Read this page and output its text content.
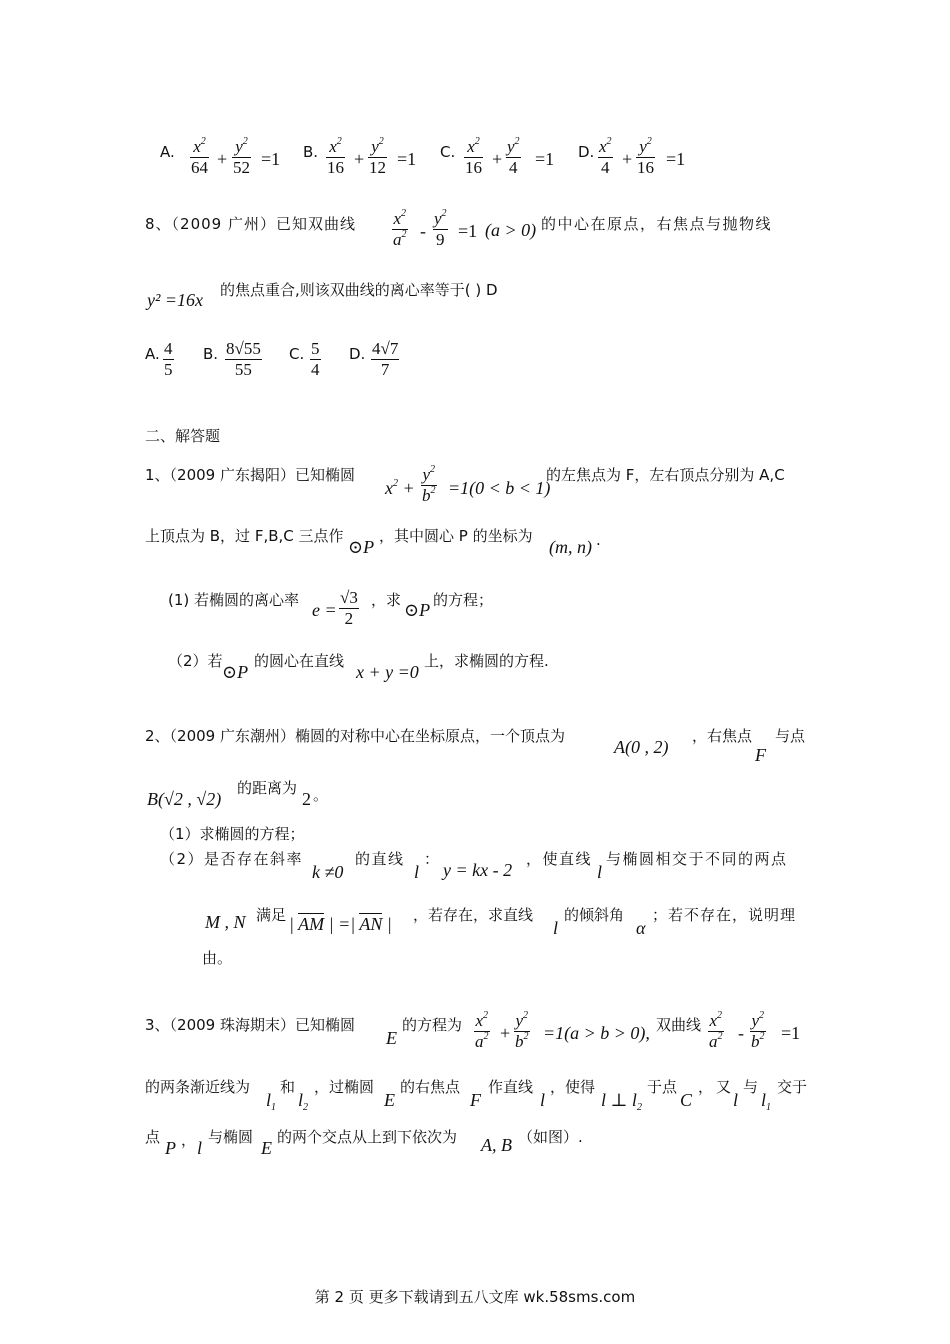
A. $\frac{x^2}{64} + \frac{y^2}{52} =1$ B. $\frac{x^2}{16} + \frac{y^2}{12} =1$ C. $\frac{x^2}{16} + \frac{y^2}{4} =1$ D. $\frac{x^2}{4} + \frac{y^2}{16} =1$
8、（2009 广州）已知双曲线 $\frac{x^2}{a^2} - \frac{y^2}{9} =1$ (a > 0) 的中心在原点，右焦点与抛物线
y² =16x 的焦点重合,则该双曲线的离心率等于( ) D
A. $\frac{4}{5} B$. $\frac{8√55}{55} C$. $\frac{5}{4} D$. $\frac{4√7}{7}$
二、解答题
1、（2009 广东揭阳）已知椭圆
$x^2 + \frac{y^2}{b^2} =1(0 < b < 1)$
的左焦点为 F，左右顶点分别为 A,C
上顶点为 B，过 F,B,C 三点作
⊙P
，其中圆心 P 的坐标为
(m, n) .
(1) 若椭圆的离心率 $e = \frac{√3}{2}$ ，求 ⊙P 的方程；
（2）若
⊙P
的圆心在直线
x + y =0
上，求椭圆的方程.
2、（2009 广东潮州）椭圆的对称中心在坐标原点，一个顶点为
A(0 , 2)
，右焦点
F
与点
B(√2 , √2)
的距离为
2 。
（1）求椭圆的方程；
（2）是否存在斜率
k ≠0
的直线
l
：
y = kx - 2
，使直线
l
与椭圆相交于不同的两点
M , N 满足 | AM | =| AN | ，若存在，求直线
l
的倾斜角
α
；若不存在，说明理
由。
3、（2009 珠海期末）已知椭圆
E
的方程为 $\frac{x^2}{a^2} + \frac{y^2}{b^2} =1(a > b > 0)$, 双曲线 $\frac{x^2}{a^2} - \frac{y^2}{b^2} =1$
的两条渐近线为
$l_1$
和
$l_2$
，过椭圆
E
的右焦点
F
作直线
l
，使得
l ⊥ $l_2$
于点
C
，又
l
与
$l_1$
交于
点
P ， l
与椭圆
E
的两个交点从上到下依次为 A, B （如图）.
第 2 页 更多下载请到五八文库 wk.58sms.com
